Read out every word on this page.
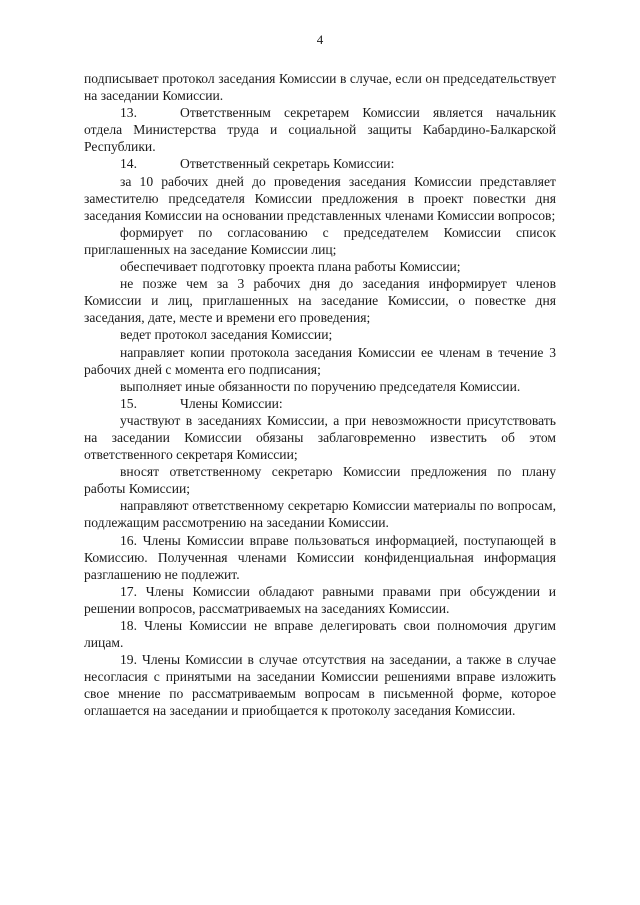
4

подписывает протокол заседания Комиссии в случае, если он председательствует на заседании Комиссии.

13.	Ответственным секретарем Комиссии является начальник отдела Министерства труда и социальной защиты Кабардино-Балкарской Республики.

14.	Ответственный секретарь Комиссии:

за 10 рабочих дней до проведения заседания Комиссии представляет заместителю председателя Комиссии предложения в проект повестки дня заседания Комиссии на основании представленных членами Комиссии вопросов;

формирует по согласованию с председателем Комиссии список приглашенных на заседание Комиссии лиц;

обеспечивает подготовку проекта плана работы Комиссии;

не позже чем за 3 рабочих дня до заседания информирует членов Комиссии и лиц, приглашенных на заседание Комиссии, о повестке дня заседания, дате, месте и времени его проведения;

ведет протокол заседания Комиссии;

направляет копии протокола заседания Комиссии ее членам в течение 3 рабочих дней с момента его подписания;

выполняет иные обязанности по поручению председателя Комиссии.

15.	Члены Комиссии:

участвуют в заседаниях Комиссии, а при невозможности присутствовать на заседании Комиссии обязаны заблаговременно известить об этом ответственного секретаря Комиссии;

вносят ответственному секретарю Комиссии предложения по плану работы Комиссии;

направляют ответственному секретарю Комиссии материалы по вопросам, подлежащим рассмотрению на заседании Комиссии.

16. Члены Комиссии вправе пользоваться информацией, поступающей в Комиссию. Полученная членами Комиссии конфиденциальная информация разглашению не подлежит.

17. Члены Комиссии обладают равными правами при обсуждении и решении вопросов, рассматриваемых на заседаниях Комиссии.

18. Члены Комиссии не вправе делегировать свои полномочия другим лицам.

19. Члены Комиссии в случае отсутствия на заседании, а также в случае несогласия с принятыми на заседании Комиссии решениями вправе изложить свое мнение по рассматриваемым вопросам в письменной форме, которое оглашается на заседании и приобщается к протоколу заседания Комиссии.
